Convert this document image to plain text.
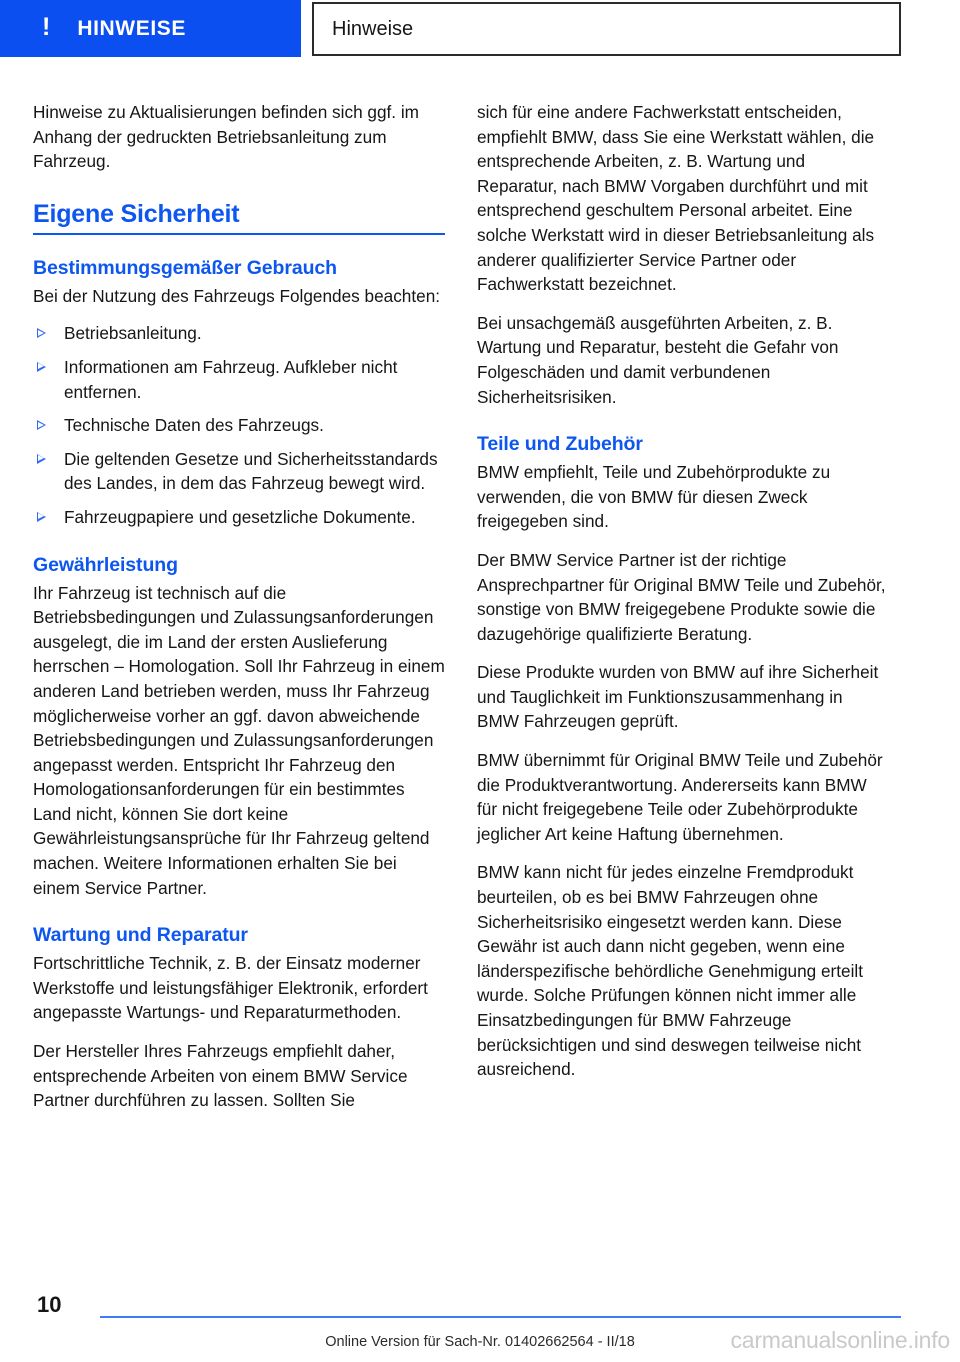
! HINWEISE	Hinweise

Hinweise zu Aktualisierungen befinden sich ggf. im Anhang der gedruckten Betriebsanleitung zum Fahrzeug.

Eigene Sicherheit
Bestimmungsgemäßer Gebrauch

Bei der Nutzung des Fahrzeugs Folgendes beachten:

Betriebsanleitung.
Informationen am Fahrzeug. Aufkleber nicht entfernen.
Technische Daten des Fahrzeugs.
Die geltenden Gesetze und Sicherheitsstandards des Landes, in dem das Fahrzeug bewegt wird.
Fahrzeugpapiere und gesetzliche Dokumente.
Gewährleistung

Ihr Fahrzeug ist technisch auf die Betriebsbedingungen und Zulassungsanforderungen ausgelegt, die im Land der ersten Auslieferung herrschen – Homologation. Soll Ihr Fahrzeug in einem anderen Land betrieben werden, muss Ihr Fahrzeug möglicherweise vorher an ggf. davon abweichende Betriebsbedingungen und Zulassungsanforderungen angepasst werden. Entspricht Ihr Fahrzeug den Homologationsanforderungen für ein bestimmtes Land nicht, können Sie dort keine Gewährleistungsansprüche für Ihr Fahrzeug geltend machen. Weitere Informationen erhalten Sie bei einem Service Partner.

Wartung und Reparatur

Fortschrittliche Technik, z. B. der Einsatz moderner Werkstoffe und leistungsfähiger Elektronik, erfordert angepasste Wartungs- und Reparaturmethoden.

Der Hersteller Ihres Fahrzeugs empfiehlt daher, entsprechende Arbeiten von einem BMW Service Partner durchführen zu lassen. Sollten Sie

sich für eine andere Fachwerkstatt entscheiden, empfiehlt BMW, dass Sie eine Werkstatt wählen, die entsprechende Arbeiten, z. B. Wartung und Reparatur, nach BMW Vorgaben durchführt und mit entsprechend geschultem Personal arbeitet. Eine solche Werkstatt wird in dieser Betriebsanleitung als anderer qualifizierter Service Partner oder Fachwerkstatt bezeichnet.

Bei unsachgemäß ausgeführten Arbeiten, z. B. Wartung und Reparatur, besteht die Gefahr von Folgeschäden und damit verbundenen Sicherheitsrisiken.

Teile und Zubehör

BMW empfiehlt, Teile und Zubehörprodukte zu verwenden, die von BMW für diesen Zweck freigegeben sind.

Der BMW Service Partner ist der richtige Ansprechpartner für Original BMW Teile und Zubehör, sonstige von BMW freigegebene Produkte sowie die dazugehörige qualifizierte Beratung.

Diese Produkte wurden von BMW auf ihre Sicherheit und Tauglichkeit im Funktionszusammenhang in BMW Fahrzeugen geprüft.

BMW übernimmt für Original BMW Teile und Zubehör die Produktverantwortung. Andererseits kann BMW für nicht freigegebene Teile oder Zubehörprodukte jeglicher Art keine Haftung übernehmen.

BMW kann nicht für jedes einzelne Fremdprodukt beurteilen, ob es bei BMW Fahrzeugen ohne Sicherheitsrisiko eingesetzt werden kann. Diese Gewähr ist auch dann nicht gegeben, wenn eine länderspezifische behördliche Genehmigung erteilt wurde. Solche Prüfungen können nicht immer alle Einsatzbedingungen für BMW Fahrzeuge berücksichtigen und sind deswegen teilweise nicht ausreichend.

10
Online Version für Sach-Nr. 01402662564 - II/18	carmanualsonline.info
